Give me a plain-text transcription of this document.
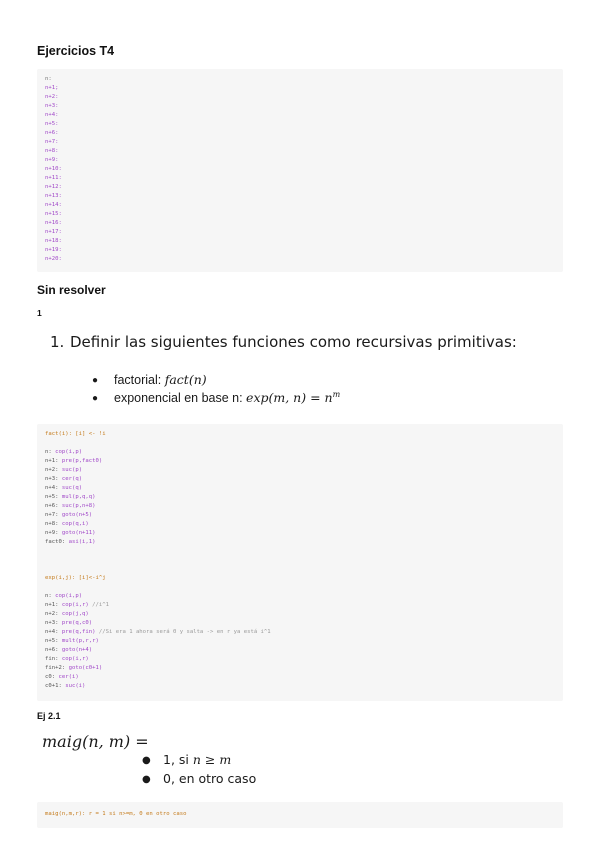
Ejercicios T4
n:
n+1;
n+2:
n+3:
n+4:
n+5:
n+6:
n+7:
n+8:
n+9:
n+10:
n+11:
n+12:
n+13:
n+14:
n+15:
n+16:
n+17:
n+18:
n+19:
n+20:
Sin resolver
1
1. Definir las siguientes funciones como recursivas primitivas:
● factorial: fact(n)
● exponencial en base n: exp(m, $n) = n^m$
fact(i): [i] <- !i
n: cop(i,p)
n+1: pre(p,fact0)
n+2: suc(p)
n+3: cer(q)
n+4: suc(q)
n+5: mul(p,q,q)
n+6: suc(p,n+8)
n+7: goto(n+5)
n+8: cop(q,i)
n+9: goto(n+11)
fact0: asi(i,1)
exp(i,j): [i]<-i^j
n: cop(i,p)
n+1: cop(i,r) //i^1
n+2: cop(j,q)
n+3: pre(q,c0)
n+4: pre(q,fin) //Si era 1 ahora será 0 y salta -> en r ya está i^1
n+5: mult(p,r,r)
n+6: goto(n+4)
fin: cop(i,r)
fin+2: goto(c0+1)
c0: cer(i)
c0+1: suc(i)
Ej 2.1
maig(n, m) =
● 1, si n ≥ m
● 0, en otro caso
maig(n,m,r): r = 1 si n>=m, 0 en otro caso
